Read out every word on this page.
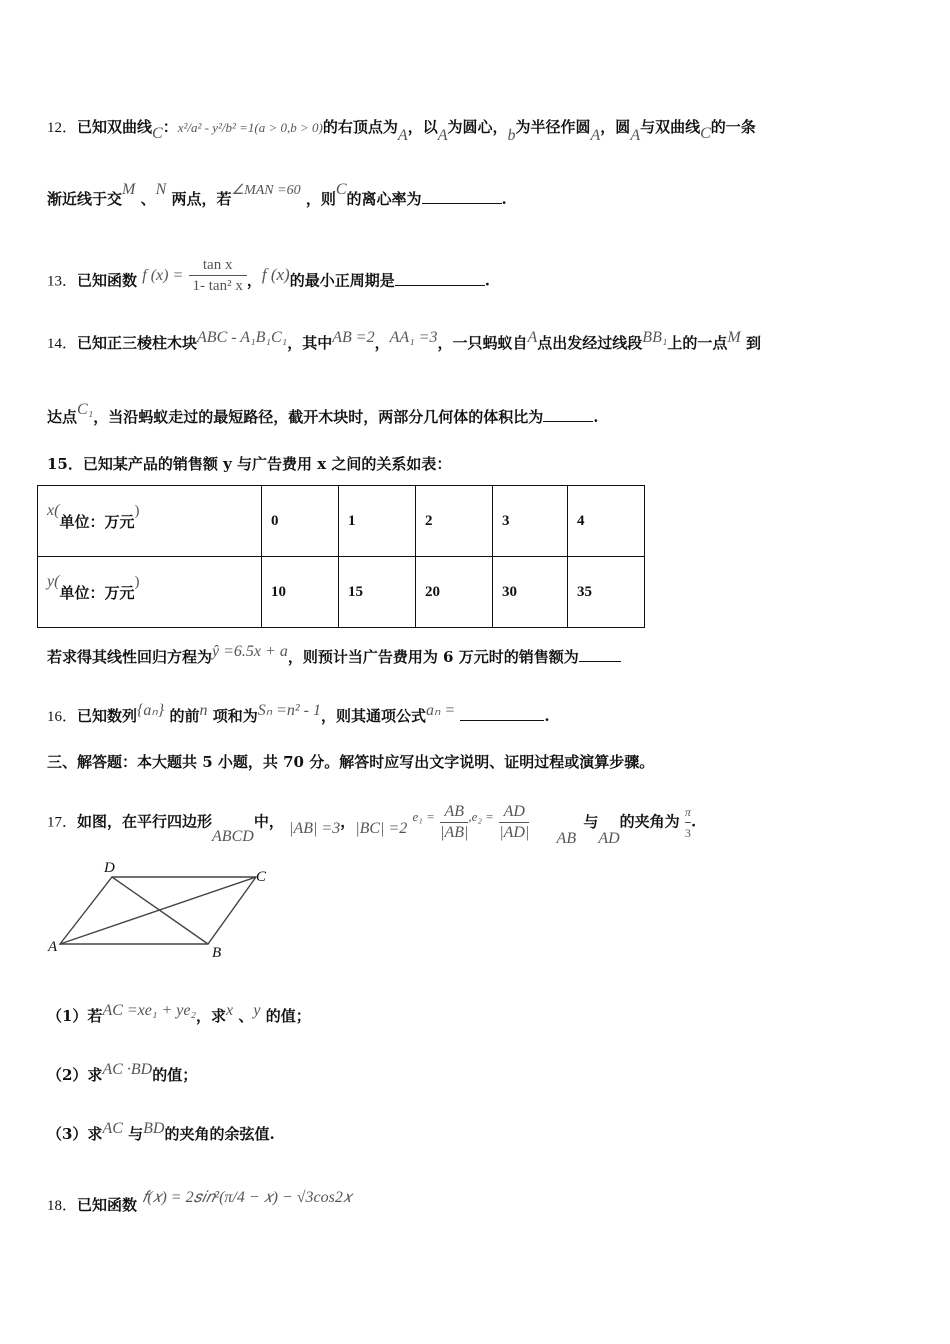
12．已知双曲线C：x²/a² - y²/b² =1(a > 0,b > 0)的右顶点为A，以A为圆心，b为半径作圆A，圆A与双曲线C的一条
渐近线于交M 、N 两点，若∠MAN =60 ，则C的离心率为	.
13．已知函数 f $(x) = \frac{\text{tan x}}{\text{1- tan² x}}$ ，f (x)的最小正周期是	.
14．已知正三棱柱木块ABC - A₁B₁C₁，其中AB =2，AA₁ =3，一只蚂蚁自A点出发经过线段BB₁上的一点M 到
达点C₁，当沿蚂蚁走过的最短路径，截开木块时，两部分几何体的体积比为	.
15．已知某产品的销售额 y 与广告费用 x 之间的关系如表：
x(单位：万元)	0	1	2	3	4
y(单位：万元)	10	15	20	30	35
若求得其线性回归方程为ŷ =6.5x + a，则预计当广告费用为 6 万元时的销售额为
16．已知数列{aₙ} 的前n 项和为Sₙ =n² - 1，则其通项公式aₙ =	.
三、解答题：本大题共 5 小题，共 70 分。解答时应写出文字说明、证明过程或演算步骤。
17．如图，在平行四边形ABCD中， |AB| =3，|BC| =2 $e_1 = \frac{AB}{|AB|} ,e_2 = \frac{AD}{|AD|}$ AB 与AD的夹角为 $\frac{\pi}{3}$ .
D
C
A	B
（1）若AC =xe₁ + ye₂，求x 、y 的值；
（2）求AC ·BD的值；
（3）求AC 与BD的夹角的余弦值.
18．已知函数 𝑓(𝑥) = 2𝑠𝑖𝑛²(π/4 − 𝑥) − √3cos2𝑥
